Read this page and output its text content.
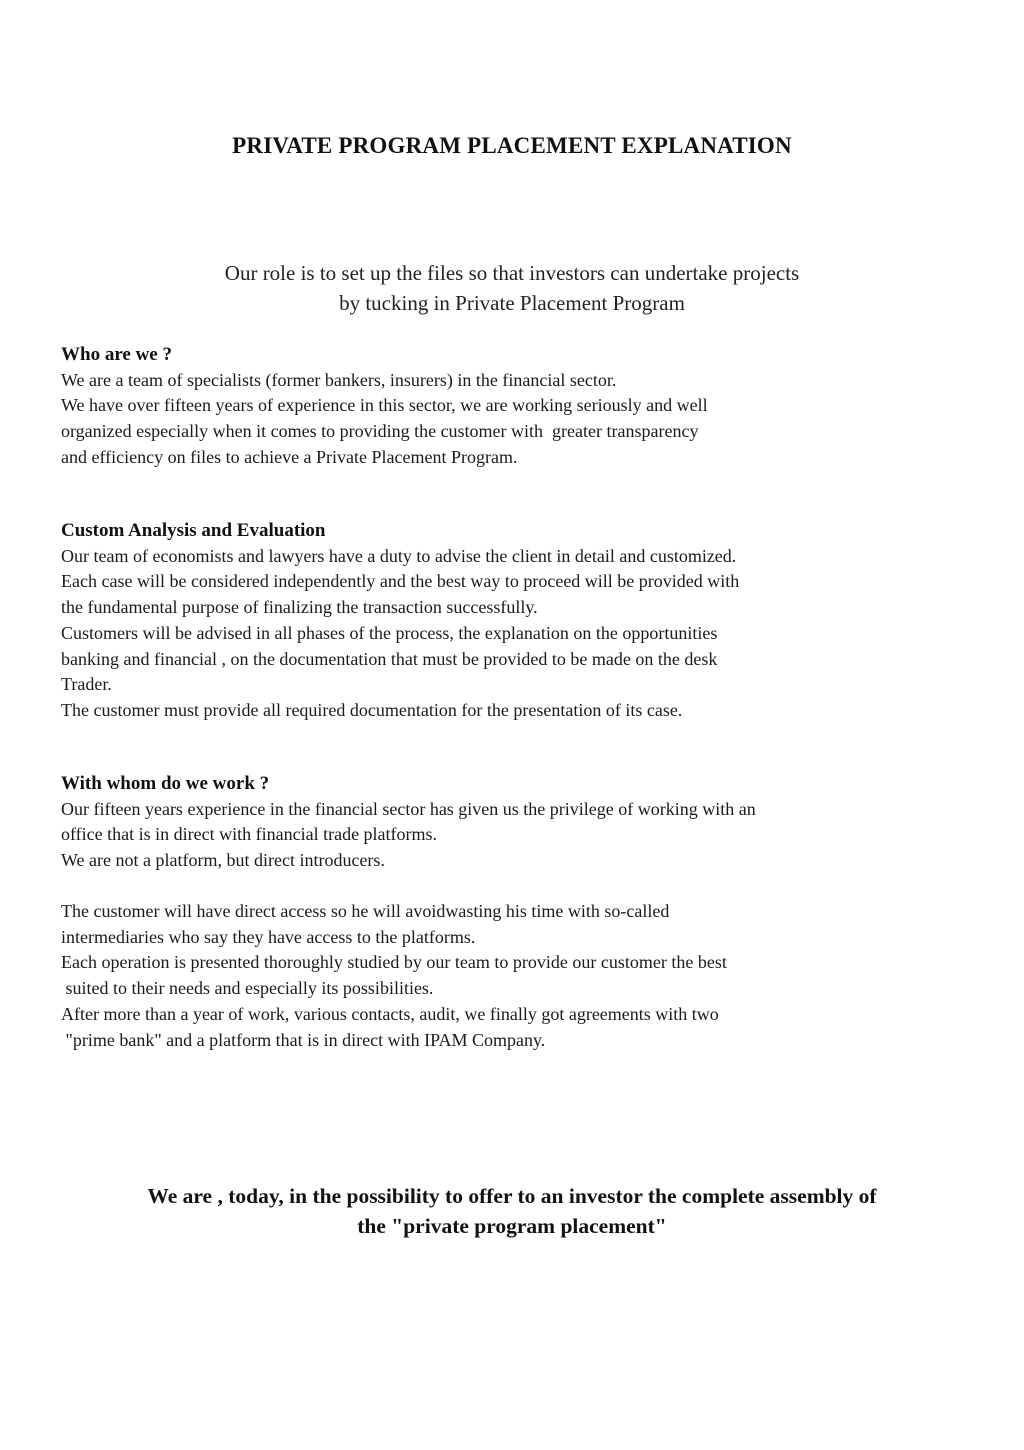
PRIVATE PROGRAM PLACEMENT EXPLANATION
Our role is to set up the files so that investors can undertake projects
by tucking in Private Placement Program
Who are we ?
We are a team of specialists (former bankers, insurers) in the financial sector.
We have over fifteen years of experience in this sector, we are working seriously and well
organized especially when it comes to providing the customer with  greater transparency
and efficiency on files to achieve a Private Placement Program.
Custom Analysis and Evaluation
Our team of economists and lawyers have a duty to advise the client in detail and customized.
Each case will be considered independently and the best way to proceed will be provided with
the fundamental purpose of finalizing the transaction successfully.
Customers will be advised in all phases of the process, the explanation on the opportunities
banking and financial , on the documentation that must be provided to be made on the desk
Trader.
The customer must provide all required documentation for the presentation of its case.
With whom do we work ?
Our fifteen years experience in the financial sector has given us the privilege of working with an
office that is in direct with financial trade platforms.
We are not a platform, but direct introducers.
The customer will have direct access so he will avoidwasting his time with so-called
intermediaries who say they have access to the platforms.
Each operation is presented thoroughly studied by our team to provide our customer the best
suited to their needs and especially its possibilities.
After more than a year of work, various contacts, audit, we finally got agreements with two
"prime bank" and a platform that is in direct with IPAM Company.
We are , today, in the possibility to offer to an investor the complete assembly of
the "private program placement"
